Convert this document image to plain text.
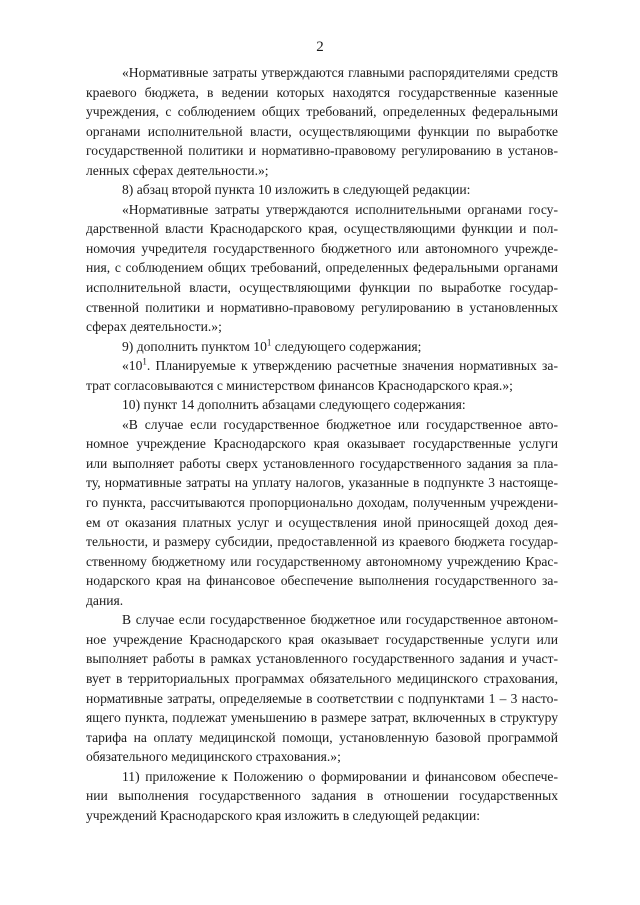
2
«Нормативные затраты утверждаются главными распорядителями средств
краевого бюджета, в ведении которых находятся государственные казенные
учреждения, с соблюдением общих требований, определенных федеральными
органами исполнительной власти, осуществляющими функции по выработке
государственной политики и нормативно-правовому регулированию в установ-
ленных сферах деятельности.»;
8) абзац второй пункта 10 изложить в следующей редакции:
«Нормативные затраты утверждаются исполнительными органами госу-
дарственной власти Краснодарского края, осуществляющими функции и пол-
номочия учредителя государственного бюджетного или автономного учрежде-
ния, с соблюдением общих требований, определенных федеральными органами
исполнительной власти, осуществляющими функции по выработке государ-
ственной политики и нормативно-правовому регулированию в установленных
сферах деятельности.»;
9) дополнить пунктом $10^1$ следующего содержания;
«$10^1$. Планируемые к утверждению расчетные значения нормативных за-
трат согласовываются с министерством финансов Краснодарского края.»;
10) пункт 14 дополнить абзацами следующего содержания:
«В случае если государственное бюджетное или государственное авто-
номное учреждение Краснодарского края оказывает государственные услуги
или выполняет работы сверх установленного государственного задания за пла-
ту, нормативные затраты на уплату налогов, указанные в подпункте 3 настояще-
го пункта, рассчитываются пропорционально доходам, полученным учреждени-
ем от оказания платных услуг и осуществления иной приносящей доход дея-
тельности, и размеру субсидии, предоставленной из краевого бюджета государ-
ственному бюджетному или государственному автономному учреждению Крас-
нодарского края на финансовое обеспечение выполнения государственного за-
дания.
В случае если государственное бюджетное или государственное автоном-
ное учреждение Краснодарского края оказывает государственные услуги или
выполняет работы в рамках установленного государственного задания и участ-
вует в территориальных программах обязательного медицинского страхования,
нормативные затраты, определяемые в соответствии с подпунктами 1 – 3 насто-
ящего пункта, подлежат уменьшению в размере затрат, включенных в структуру
тарифа на оплату медицинской помощи, установленную базовой программой
обязательного медицинского страхования.»;
11) приложение к Положению о формировании и финансовом обеспече-
нии выполнения государственного задания в отношении государственных
учреждений Краснодарского края изложить в следующей редакции:
